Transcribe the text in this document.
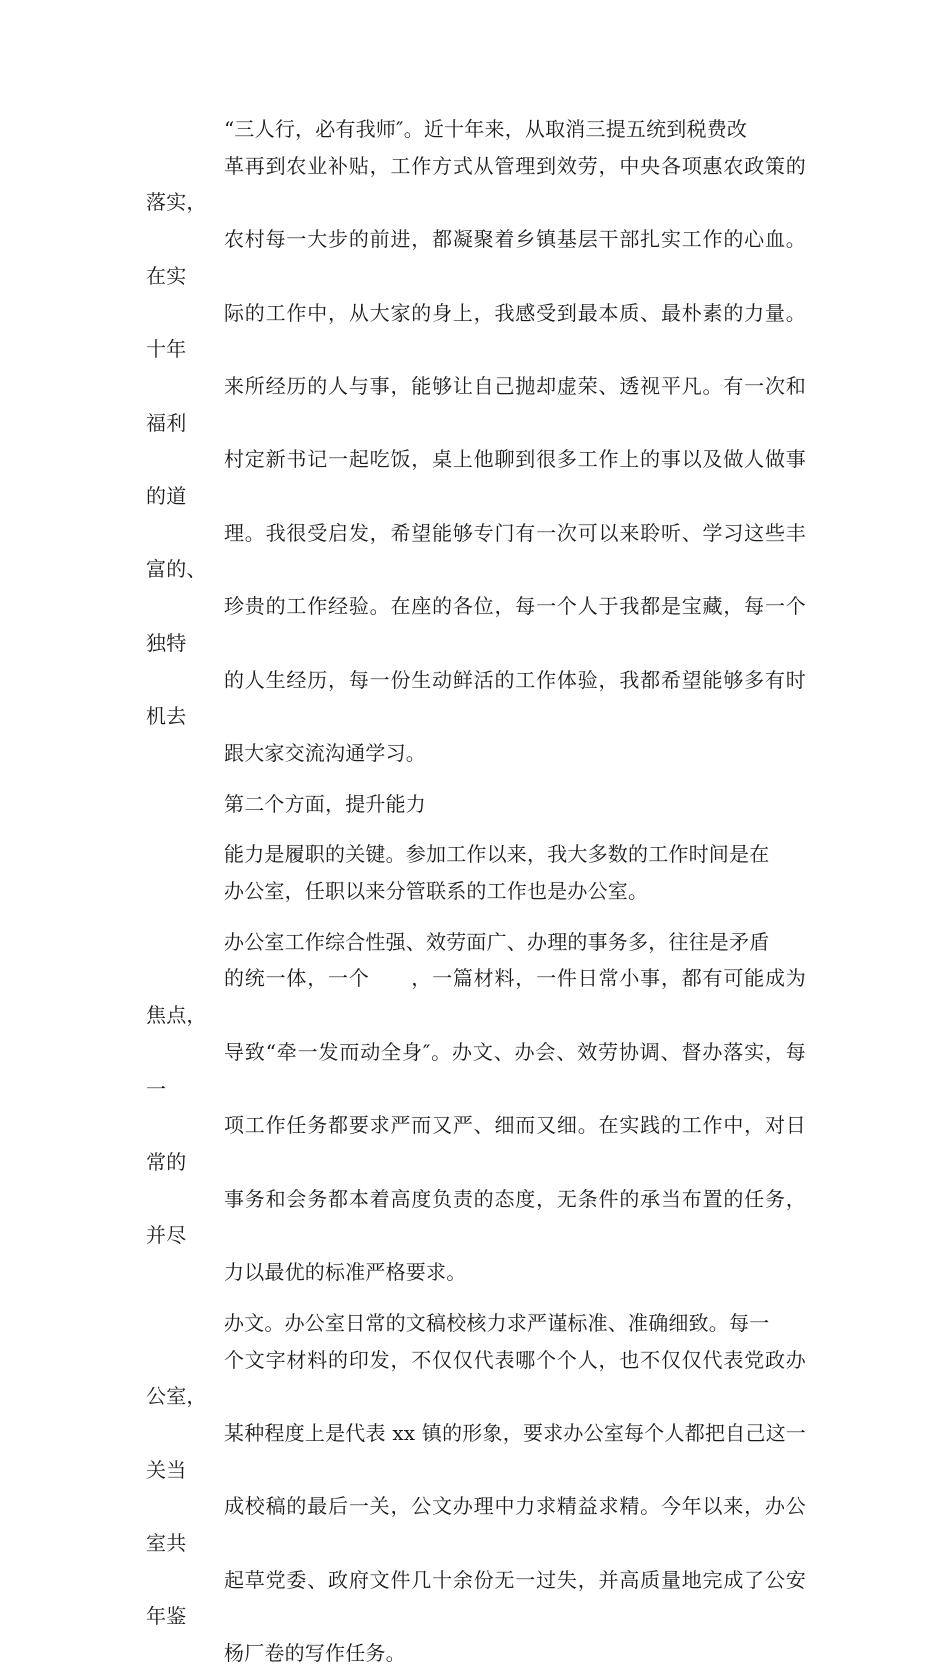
“三人行，必有我师″。近十年来，从取消三提五统到税费改
革再到农业补贴，工作方式从管理到效劳，中央各项惠农政策的落实，
农村每一大步的前进，都凝聚着乡镇基层干部扎实工作的心血。在实
际的工作中，从大家的身上，我感受到最本质、最朴素的力量。十年
来所经历的人与事，能够让自己抛却虚荣、透视平凡。有一次和福利
村定新书记一起吃饭，桌上他聊到很多工作上的事以及做人做事的道
理。我很受启发，希望能够专门有一次可以来聆听、学习这些丰富的、
珍贵的工作经验。在座的各位，每一个人于我都是宝藏，每一个独特
的人生经历，每一份生动鲜活的工作体验，我都希望能够多有时机去
跟大家交流沟通学习。

第二个方面，提升能力

能力是履职的关键。参加工作以来，我大多数的工作时间是在
办公室，任职以来分管联系的工作也是办公室。

办公室工作综合性强、效劳面广、办理的事务多，往往是矛盾
的统一体，一个　　，一篇材料，一件日常小事，都有可能成为焦点，
导致“牵一发而动全身″。办文、办会、效劳协调、督办落实，每一
项工作任务都要求严而又严、细而又细。在实践的工作中，对日常的
事务和会务都本着高度负责的态度，无条件的承当布置的任务，并尽
力以最优的标准严格要求。

办文。办公室日常的文稿校核力求严谨标准、准确细致。每一
个文字材料的印发，不仅仅代表哪个个人，也不仅仅代表党政办公室，
某种程度上是代表 xx 镇的形象，要求办公室每个人都把自己这一关当
成校稿的最后一关，公文办理中力求精益求精。今年以来，办公室共
起草党委、政府文件几十余份无一过失，并高质量地完成了公安年鉴
杨厂卷的写作任务。
